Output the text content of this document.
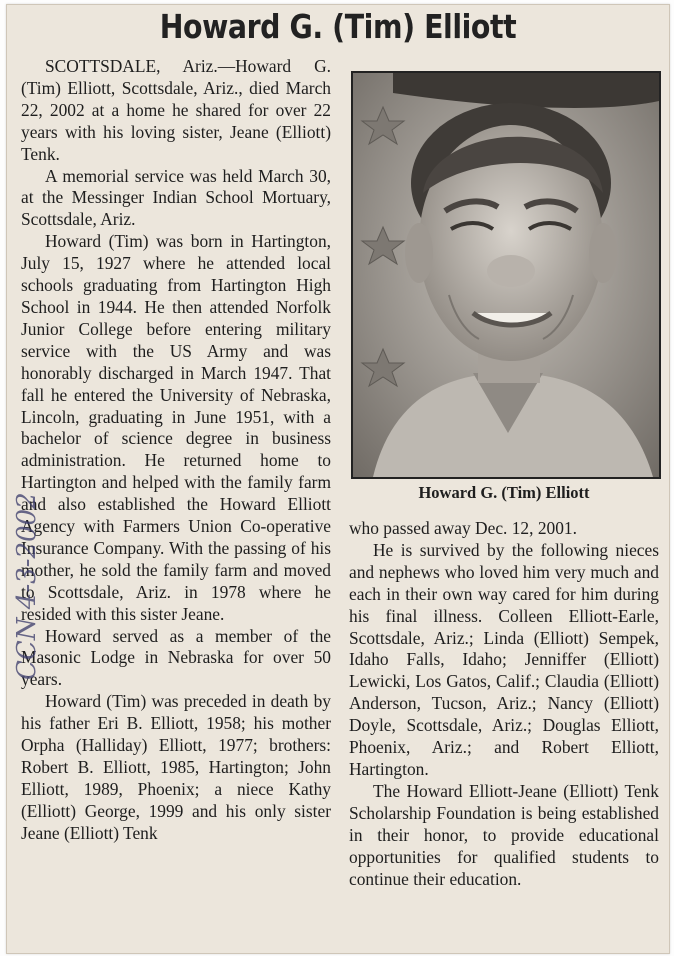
Howard G. (Tim) Elliott

SCOTTSDALE, Ariz.—Howard G. (Tim) Elliott, Scottsdale, Ariz., died March 22, 2002 at a home he shared for over 22 years with his loving sister, Jeane (Elliott) Tenk.

A memorial service was held March 30, at the Messinger Indian School Mortuary, Scottsdale, Ariz.

Howard (Tim) was born in Hartington, July 15, 1927 where he attended local schools graduating from Hartington High School in 1944. He then attended Norfolk Junior College before entering military service with the US Army and was honorably discharged in March 1947. That fall he entered the University of Nebraska, Lincoln, graduating in June 1951, with a bachelor of science degree in business administration. He returned home to Hartington and helped with the family farm and also established the Howard Elliott Agency with Farmers Union Co-operative Insurance Company. With the passing of his mother, he sold the family farm and moved to Scottsdale, Ariz. in 1978 where he resided with this sister Jeane.

Howard served as a member of the Masonic Lodge in Nebraska for over 50 years.

Howard (Tim) was preceded in death by his father Eri B. Elliott, 1958; his mother Orpha (Halliday) Elliott, 1977; brothers: Robert B. Elliott, 1985, Hartington; John Elliott, 1989, Phoenix; a niece Kathy (Elliott) George, 1999 and his only sister Jeane (Elliott) Tenk

Howard G. (Tim) Elliott

who passed away Dec. 12, 2001.

He is survived by the following nieces and nephews who loved him very much and each in their own way cared for him during his final illness. Colleen Elliott-Earle, Scottsdale, Ariz.; Linda (Elliott) Sempek, Idaho Falls, Idaho; Jenniffer (Elliott) Lewicki, Los Gatos, Calif.; Claudia (Elliott) Anderson, Tucson, Ariz.; Nancy (Elliott) Doyle, Scottsdale, Ariz.; Douglas Elliott, Phoenix, Ariz.; and Robert Elliott, Hartington.

The Howard Elliott-Jeane (Elliott) Tenk Scholarship Foundation is being established in their honor, to provide educational opportunities for qualified students to continue their education.

CCN 4-3-2002
